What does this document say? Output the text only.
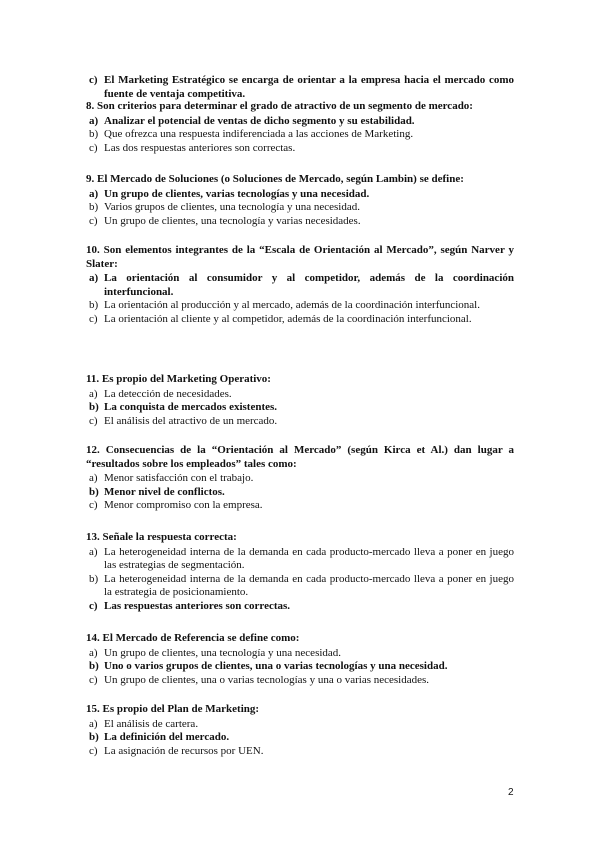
2
c) El Marketing Estratégico se encarga de orientar a la empresa hacia el mercado como fuente de ventaja competitiva.
8. Son criterios para determinar el grado de atractivo de un segmento de mercado:
a) Analizar el potencial de ventas de dicho segmento y su estabilidad.
b) Que ofrezca una respuesta indiferenciada a las acciones de Marketing.
c) Las dos respuestas anteriores son correctas.
9. El Mercado de Soluciones (o Soluciones de Mercado, según Lambin) se define:
a) Un grupo de clientes, varias tecnologías y una necesidad.
b) Varios grupos de clientes, una tecnología y una necesidad.
c) Un grupo de clientes, una tecnología y varias necesidades.
10. Son elementos integrantes de la “Escala de Orientación al Mercado”, según Narver y Slater:
a) La orientación al consumidor y al competidor, además de la coordinación interfuncional.
b) La orientación al producción y al mercado, además de la coordinación interfuncional.
c) La orientación al cliente y al competidor, además de la coordinación interfuncional.
11. Es propio del Marketing Operativo:
a) La detección de necesidades.
b) La conquista de mercados existentes.
c) El análisis del atractivo de un mercado.
12. Consecuencias de la “Orientación al Mercado” (según Kirca et Al.) dan lugar a “resultados sobre los empleados” tales como:
a) Menor satisfacción con el trabajo.
b) Menor nivel de conflictos.
c) Menor compromiso con la empresa.
13. Señale la respuesta correcta:
a) La heterogeneidad interna de la demanda en cada producto-mercado lleva a poner en juego las estrategias de segmentación.
b) La heterogeneidad interna de la demanda en cada producto-mercado lleva a poner en juego la estrategia de posicionamiento.
c) Las respuestas anteriores son correctas.
14. El Mercado de Referencia se define como:
a) Un grupo de clientes, una tecnología y una necesidad.
b) Uno o varios grupos de clientes, una o varias tecnologías y una necesidad.
c) Un grupo de clientes, una o varias tecnologías y una o varias necesidades.
15. Es propio del Plan de Marketing:
a) El análisis de cartera.
b) La definición del mercado.
c) La asignación de recursos por UEN.
